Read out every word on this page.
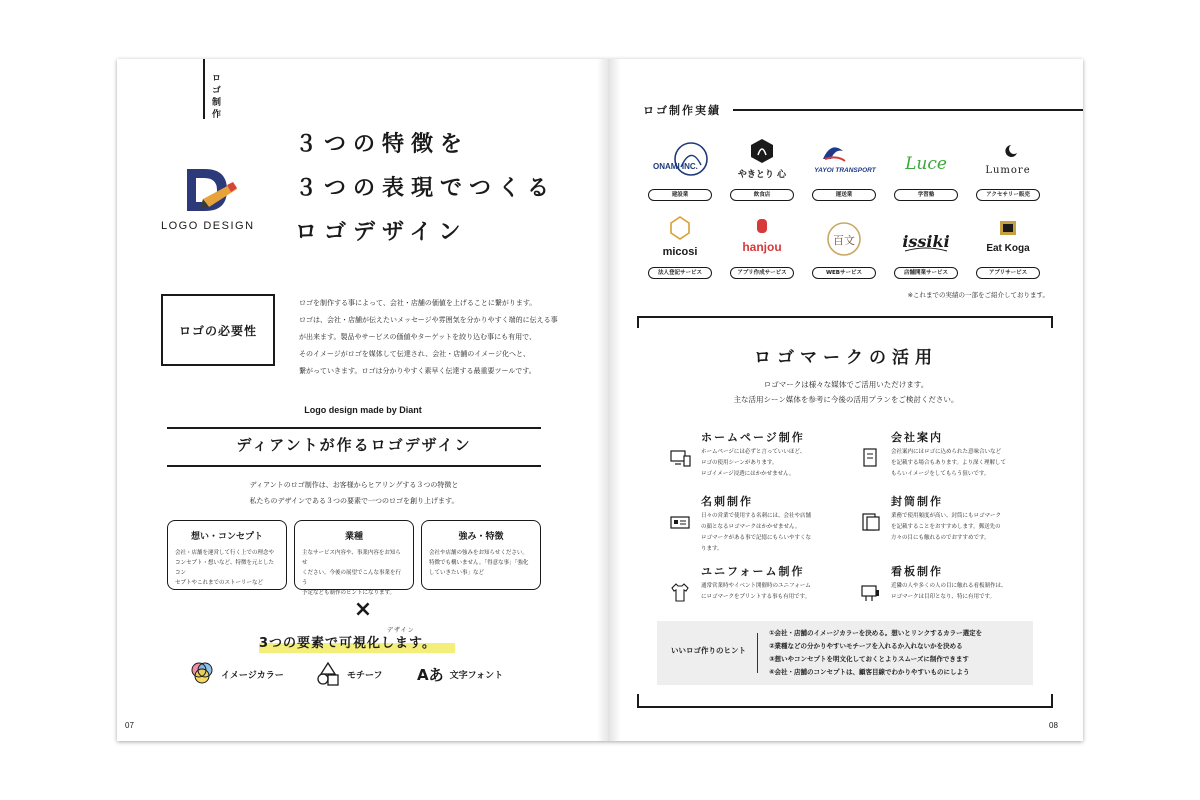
ロゴ制作
３つの特徴を
３つの表現でつくる
ロゴデザイン
LOGO DESIGN
ロゴの必要性
ロゴを制作する事によって、会社・店舗の価値を上げることに繋がります。
ロゴは、会社・店舗が伝えたいメッセージや雰囲気を分かりやすく端的に伝える事
が出来ます。製品やサービスの価値やターゲットを絞り込む事にも有用で、
そのイメージがロゴを媒体して伝達され、会社・店舗のイメージ化へと、
繋がっていきます。ロゴは分かりやすく素早く伝達する最重要ツールです。
Logo design made by Diant
ディアントが作るロゴデザイン
ディアントのロゴ制作は、お客様からヒアリングする３つの特徴と
私たちのデザインである３つの要素で一つのロゴを創り上げます。
想い・コンセプト
会社・店舗を運営して行く上での理念や
コンセプト・想いなど、特徴を元としたコン
セプトやこれまでのストーリーなど
業種
主なサービス内容や、事業内容をお知らせ
ください。今後の展望でこんな事業を行う
予定なども制作のヒントになります。
強み・特徴
会社や店舗の強みをお知らせください。
特徴でも構いません。「得意な事」「強化
していきたい事」など
×
デザイン
3つの要素で可視化します。
イメージカラー	モチーフ Aあ 文字フォント
07
ロゴ制作実績
ONAMI INC.
建設業
やきとり 心
飲食店
YAYOI TRANSPORT
運送業
Luce
学習塾
Lumore
アクセサリー販売
micosi
法人登記サービス
hanjou
アプリ作成サービス
百文
WEBサービス
issiki
店舗開業サービス
Eat Koga
アプリサービス
※これまでの実績の一部をご紹介しております。
ロゴマークの活用
ロゴマークは様々な媒体でご活用いただけます。
主な活用シーン媒体を参考に今後の活用プランをご検討ください。
ホームページ制作
ホームページには必ずと言っていいほど、
ロゴの使用シーンがあります。
ロゴイメージ浸透にはかかせません。
会社案内
会社案内にはロゴに込められた意味合いなど
を記載する場合もあります。より深く理解して
もらいイメージをしてもらう狙いです。
名刺制作
日々の営業で使用する名刺には、会社や店舗
の顔となるロゴマークはかかせません。
ロゴマークがある事で記憶にもらいやすくな
ります。
封筒制作
業務で使用頻度が高い、封筒にもロゴマーク
を記載することをおすすめします。郵送先の
方々の目にも触れるのでおすすめです。
ユニフォーム制作
通常営業時やイベント開催時のユニフォーム
にロゴマークをプリントする事も有用です。
看板制作
近隣の人や多くの人の目に触れる看板制作は、
ロゴマークは目印となり、特に有用です。
いいロゴ作りのヒント
①会社・店舗のイメージカラーを決める。想いとリンクするカラー選定を
②業種などの分かりやすいモチーフを入れるか入れないかを決める
③想いやコンセプトを明文化しておくとよりスムーズに制作できます
④会社・店舗のコンセプトは、顧客目線でわかりやすいものにしよう
08
